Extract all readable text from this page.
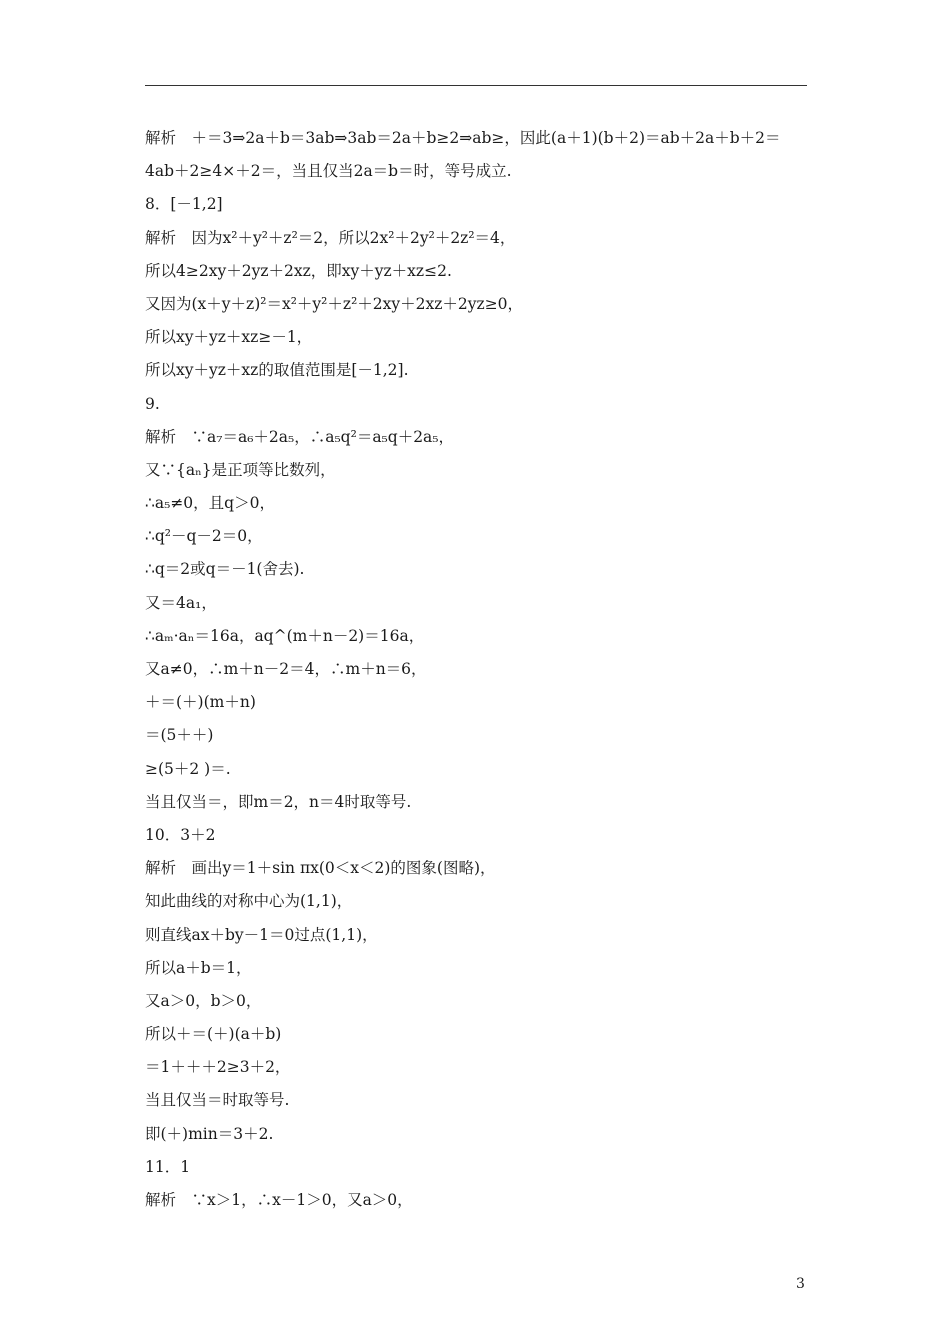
解析　＋＝3⇒2a＋b＝3ab⇒3ab＝2a＋b≥2⇒ab≥，因此(a＋1)(b＋2)＝ab＋2a＋b＋2＝
4ab＋2≥4×＋2＝，当且仅当2a＝b＝时，等号成立.
8．[－1,2]
解析　因为x²＋y²＋z²＝2，所以2x²＋2y²＋2z²＝4，
所以4≥2xy＋2yz＋2xz，即xy＋yz＋xz≤2.
又因为(x＋y＋z)²＝x²＋y²＋z²＋2xy＋2xz＋2yz≥0，
所以xy＋yz＋xz≥－1，
所以xy＋yz＋xz的取值范围是[－1,2].
9.
解析　∵a₇＝a₆＋2a₅，∴a₅q²＝a₅q＋2a₅，
又∵{aₙ}是正项等比数列，
∴a₅≠0，且q＞0，
∴q²－q－2＝0，
∴q＝2或q＝－1(舍去).
又＝4a₁，
∴aₘ·aₙ＝16a，aq^(m＋n－2)＝16a，
又a≠0，∴m＋n－2＝4，∴m＋n＝6，
＋＝(＋)(m＋n)
＝(5＋＋)
≥(5＋2 )＝.
当且仅当＝，即m＝2，n＝4时取等号.
10．3＋2
解析　画出y＝1＋sin πx(0＜x＜2)的图象(图略)，
知此曲线的对称中心为(1,1)，
则直线ax＋by－1＝0过点(1,1)，
所以a＋b＝1，
又a＞0，b＞0，
所以＋＝(＋)(a＋b)
＝1＋＋＋2≥3＋2，
当且仅当＝时取等号.
即(＋)min＝3＋2.
11．1
解析　∵x＞1，∴x－1＞0，又a＞0，
3
